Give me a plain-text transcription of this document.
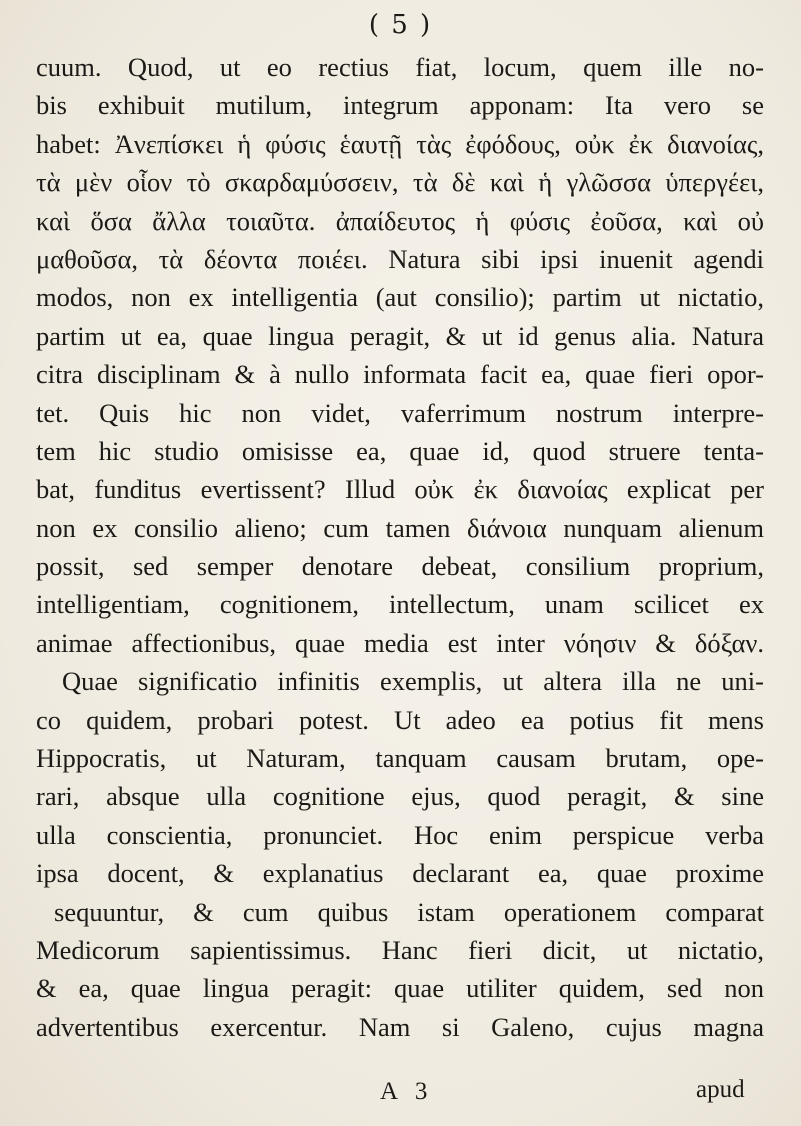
( 5 )
cuum. Quod, ut eo rectius fiat, locum, quem ille no-
bis exhibuit mutilum, integrum apponam: Ita vero se
habet: Ἀνεπίσκει ἡ φύσις ἑαυτῇ τὰς ἐφόδους, οὐκ ἐκ διανοίας,
τὰ μὲν οἷον τὸ σκαρδαμύσσειν, τὰ δὲ καὶ ἡ γλῶσσα ὑπεργέει,
καὶ ὅσα ἄλλα τοιαῦτα. ἀπαίδευτος ἡ φύσις ἐοῦσα, καὶ οὐ
μαθοῦσα, τὰ δέοντα ποιέει. Natura sibi ipsi inuenit agendi
modos, non ex intelligentia (aut consilio); partim ut nictatio,
partim ut ea, quae lingua peragit, & ut id genus alia. Natura
citra disciplinam & à nullo informata facit ea, quae fieri opor-
tet. Quis hic non videt, vaferrimum nostrum interpre-
tem hic studio omisisse ea, quae id, quod struere tenta-
bat, funditus evertissent? Illud οὐκ ἐκ διανοίας explicat per
non ex consilio alieno; cum tamen διάνοια nunquam alienum
possit, sed semper denotare debeat, consilium proprium,
intelligentiam, cognitionem, intellectum, unam scilicet ex
animae affectionibus, quae media est inter νόησιν & δόξαν.
Quae significatio infinitis exemplis, ut altera illa ne uni-
co quidem, probari potest. Ut adeo ea potius fit mens
Hippocratis, ut Naturam, tanquam causam brutam, ope-
rari, absque ulla cognitione ejus, quod peragit, & sine
ulla conscientia, pronunciet. Hoc enim perspicue verba
ipsa docent, & explanatius declarant ea, quae proxime
sequuntur, & cum quibus istam operationem comparat
Medicorum sapientissimus. Hanc fieri dicit, ut nictatio,
& ea, quae lingua peragit: quae utiliter quidem, sed non
advertentibus exercentur. Nam si Galeno, cujus magna
A 3	apud
